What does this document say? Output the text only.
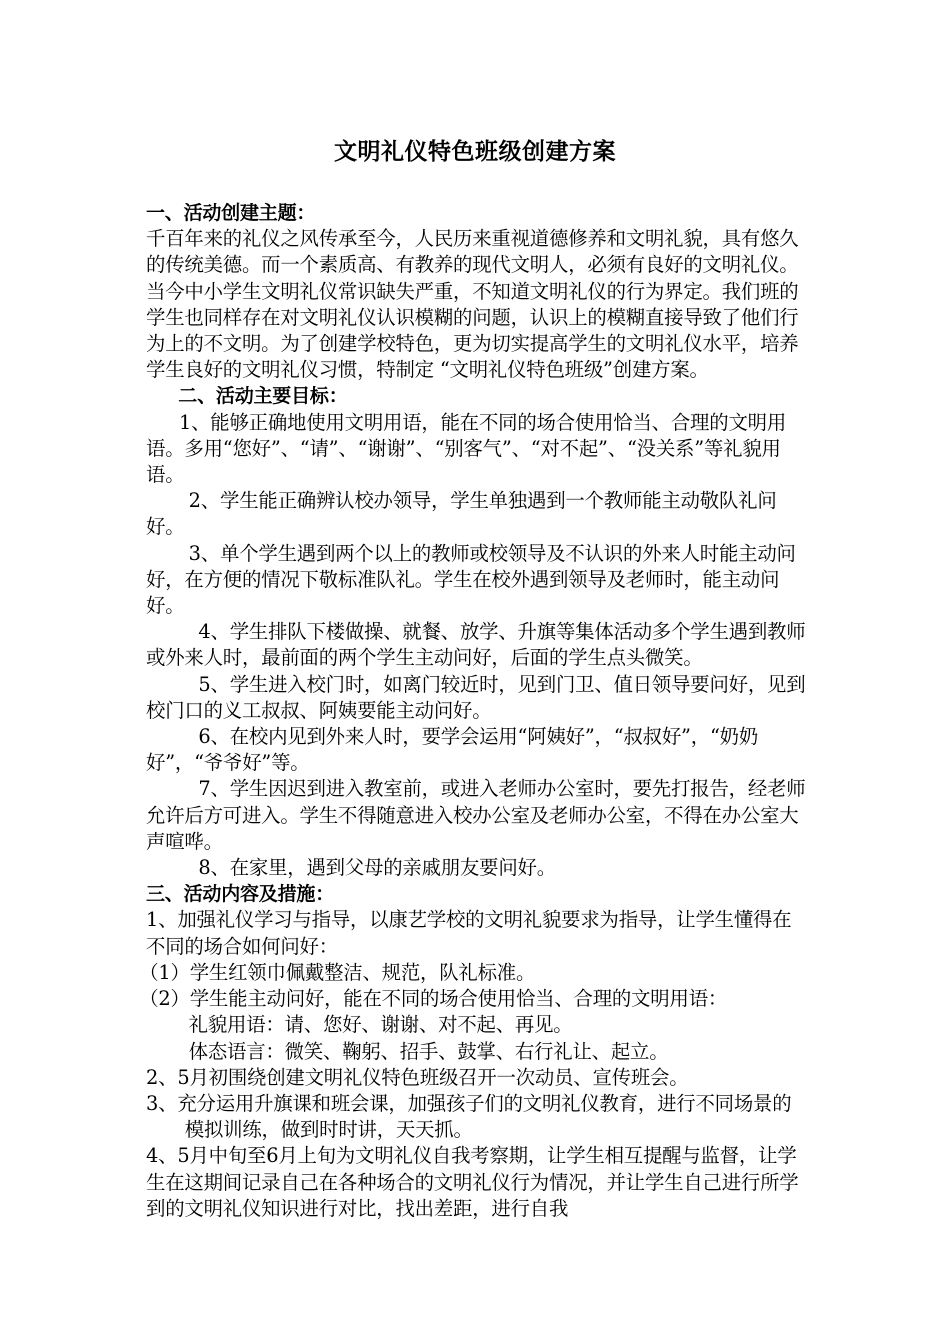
文明礼仪特色班级创建方案

一、活动创建主题：

千百年来的礼仪之风传承至今，人民历来重视道德修养和文明礼貌，具有悠久的传统美德。而一个素质高、有教养的现代文明人，必须有良好的文明礼仪。当今中小学生文明礼仪常识缺失严重，不知道文明礼仪的行为界定。我们班的学生也同样存在对文明礼仪认识模糊的问题，认识上的模糊直接导致了他们行为上的不文明。为了创建学校特色，更为切实提高学生的文明礼仪水平，培养学生良好的文明礼仪习惯，特制定 “文明礼仪特色班级”创建方案。

二、活动主要目标：

1、能够正确地使用文明用语，能在不同的场合使用恰当、合理的文明用语。多用“您好”、“请”、“谢谢”、“别客气”、“对不起”、“没关系”等礼貌用语。

2、学生能正确辨认校办领导，学生单独遇到一个教师能主动敬队礼问好。

3、单个学生遇到两个以上的教师或校领导及不认识的外来人时能主动问好，在方便的情况下敬标准队礼。学生在校外遇到领导及老师时，能主动问好。

4、学生排队下楼做操、就餐、放学、升旗等集体活动多个学生遇到教师或外来人时，最前面的两个学生主动问好，后面的学生点头微笑。

5、学生进入校门时，如离门较近时，见到门卫、值日领导要问好，见到校门口的义工叔叔、阿姨要能主动问好。

6、在校内见到外来人时，要学会运用“阿姨好”，“叔叔好”，“奶奶好”，“爷爷好”等。

7、学生因迟到进入教室前，或进入老师办公室时，要先打报告，经老师允许后方可进入。学生不得随意进入校办公室及老师办公室，不得在办公室大声喧哗。

8、在家里，遇到父母的亲戚朋友要问好。

三、活动内容及措施：

1、加强礼仪学习与指导，以康艺学校的文明礼貌要求为指导，让学生懂得在不同的场合如何问好：

（1）学生红领巾佩戴整洁、规范，队礼标准。

（2）学生能主动问好，能在不同的场合使用恰当、合理的文明用语：

礼貌用语：请、您好、谢谢、对不起、再见。

体态语言：微笑、鞠躬、招手、鼓掌、右行礼让、起立。

2、5月初围绕创建文明礼仪特色班级召开一次动员、宣传班会。

3、充分运用升旗课和班会课，加强孩子们的文明礼仪教育，进行不同场景的模拟训练，做到时时讲，天天抓。

4、5月中旬至6月上旬为文明礼仪自我考察期，让学生相互提醒与监督，让学生在这期间记录自己在各种场合的文明礼仪行为情况，并让学生自己进行所学到的文明礼仪知识进行对比，找出差距，进行自我
